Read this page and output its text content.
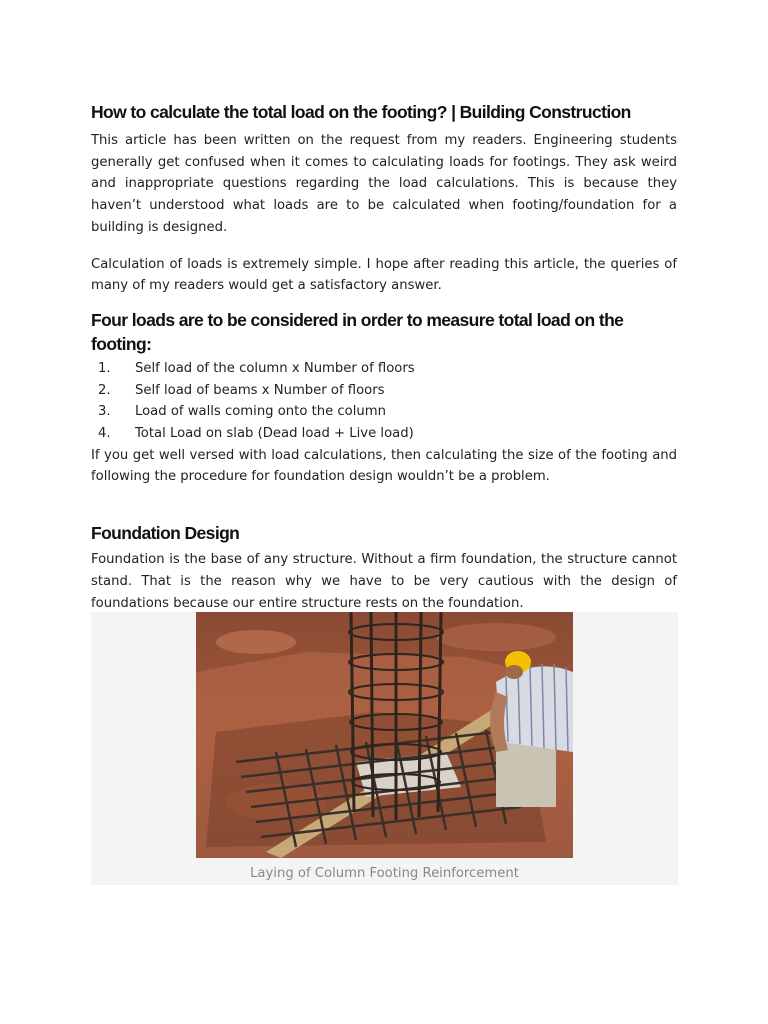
How to calculate the total load on the footing? | Building Construction

This article has been written on the request from my readers. Engineering students generally get confused when it comes to calculating loads for footings. They ask weird and inappropriate questions regarding the load calculations. This is because they haven’t understood what loads are to be calculated when footing/foundation for a building is designed.

Calculation of loads is extremely simple. I hope after reading this article, the queries of many of my readers would get a satisfactory answer.

Four loads are to be considered in order to measure total load on the footing:
1.	Self load of the column x Number of floors
2.	Self load of beams x Number of floors
3.	Load of walls coming onto the column
4.	Total Load on slab (Dead load + Live load)

If you get well versed with load calculations, then calculating the size of the footing and following the procedure for foundation design wouldn’t be a problem.

Foundation Design

Foundation is the base of any structure. Without a firm foundation, the structure cannot stand. That is the reason why we have to be very cautious with the design of foundations because our entire structure rests on the foundation.

Laying of Column Footing Reinforcement
